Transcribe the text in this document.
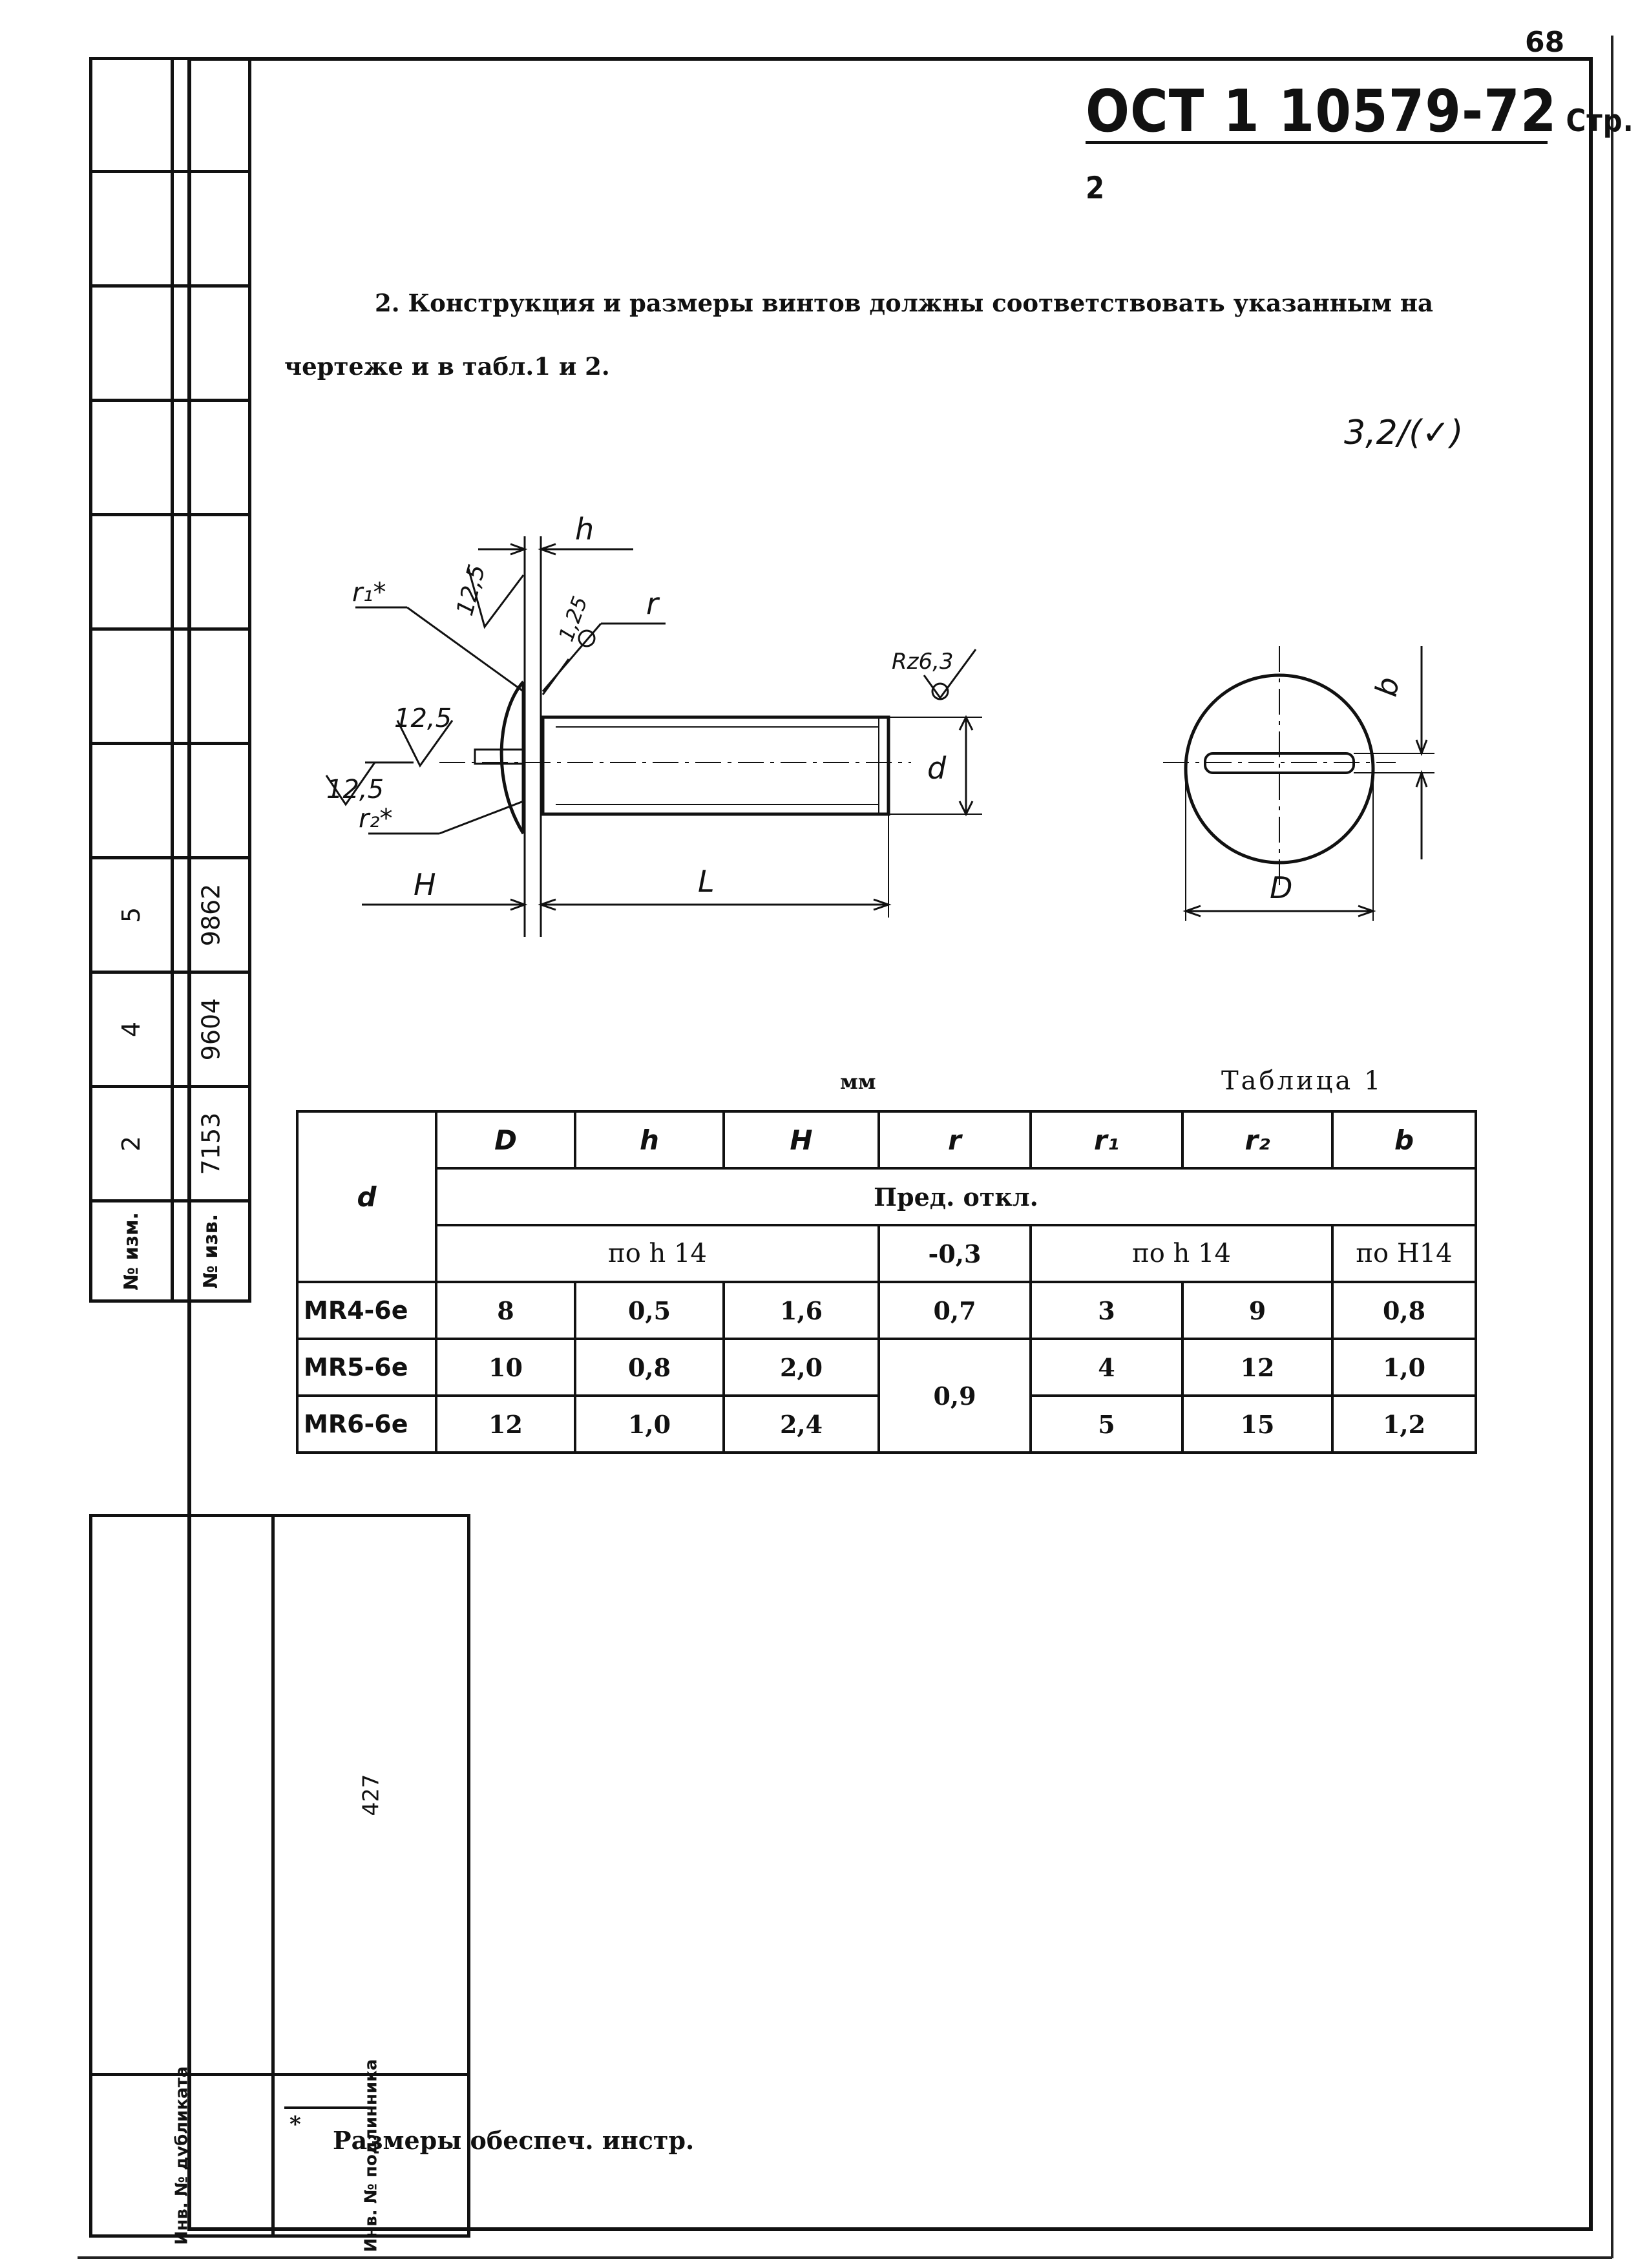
68
ОСТ 1 10579-72 Стр. 2
2. Конструкция и размеры винтов должны соответствовать указанным на чертеже и в табл.1 и 2.
3,2/(✓)

5	9862
4	9604
2	7153
№ изм.	№ изв.
	427
Инв. № дубликата	Инв. № подлинника
d
L
H
h
r₁*	12,5
1,25 r
Rz6,3
12,5
12,5
r₂*
b
D
мм	Таблица 1
d	D	h	H	r	r₁	r₂	b
	Пред. откл.						
	по h 14			-0,3	по h 14		по H14
MR4-6e	8	0,5	1,6	0,7	3	9	0,8
MR5-6e	10	0,8	2,0	0,9	4	12	1,0
MR6-6e	12	1,0	2,4		5	15	1,2
*
Размеры обеспеч. инстр.
